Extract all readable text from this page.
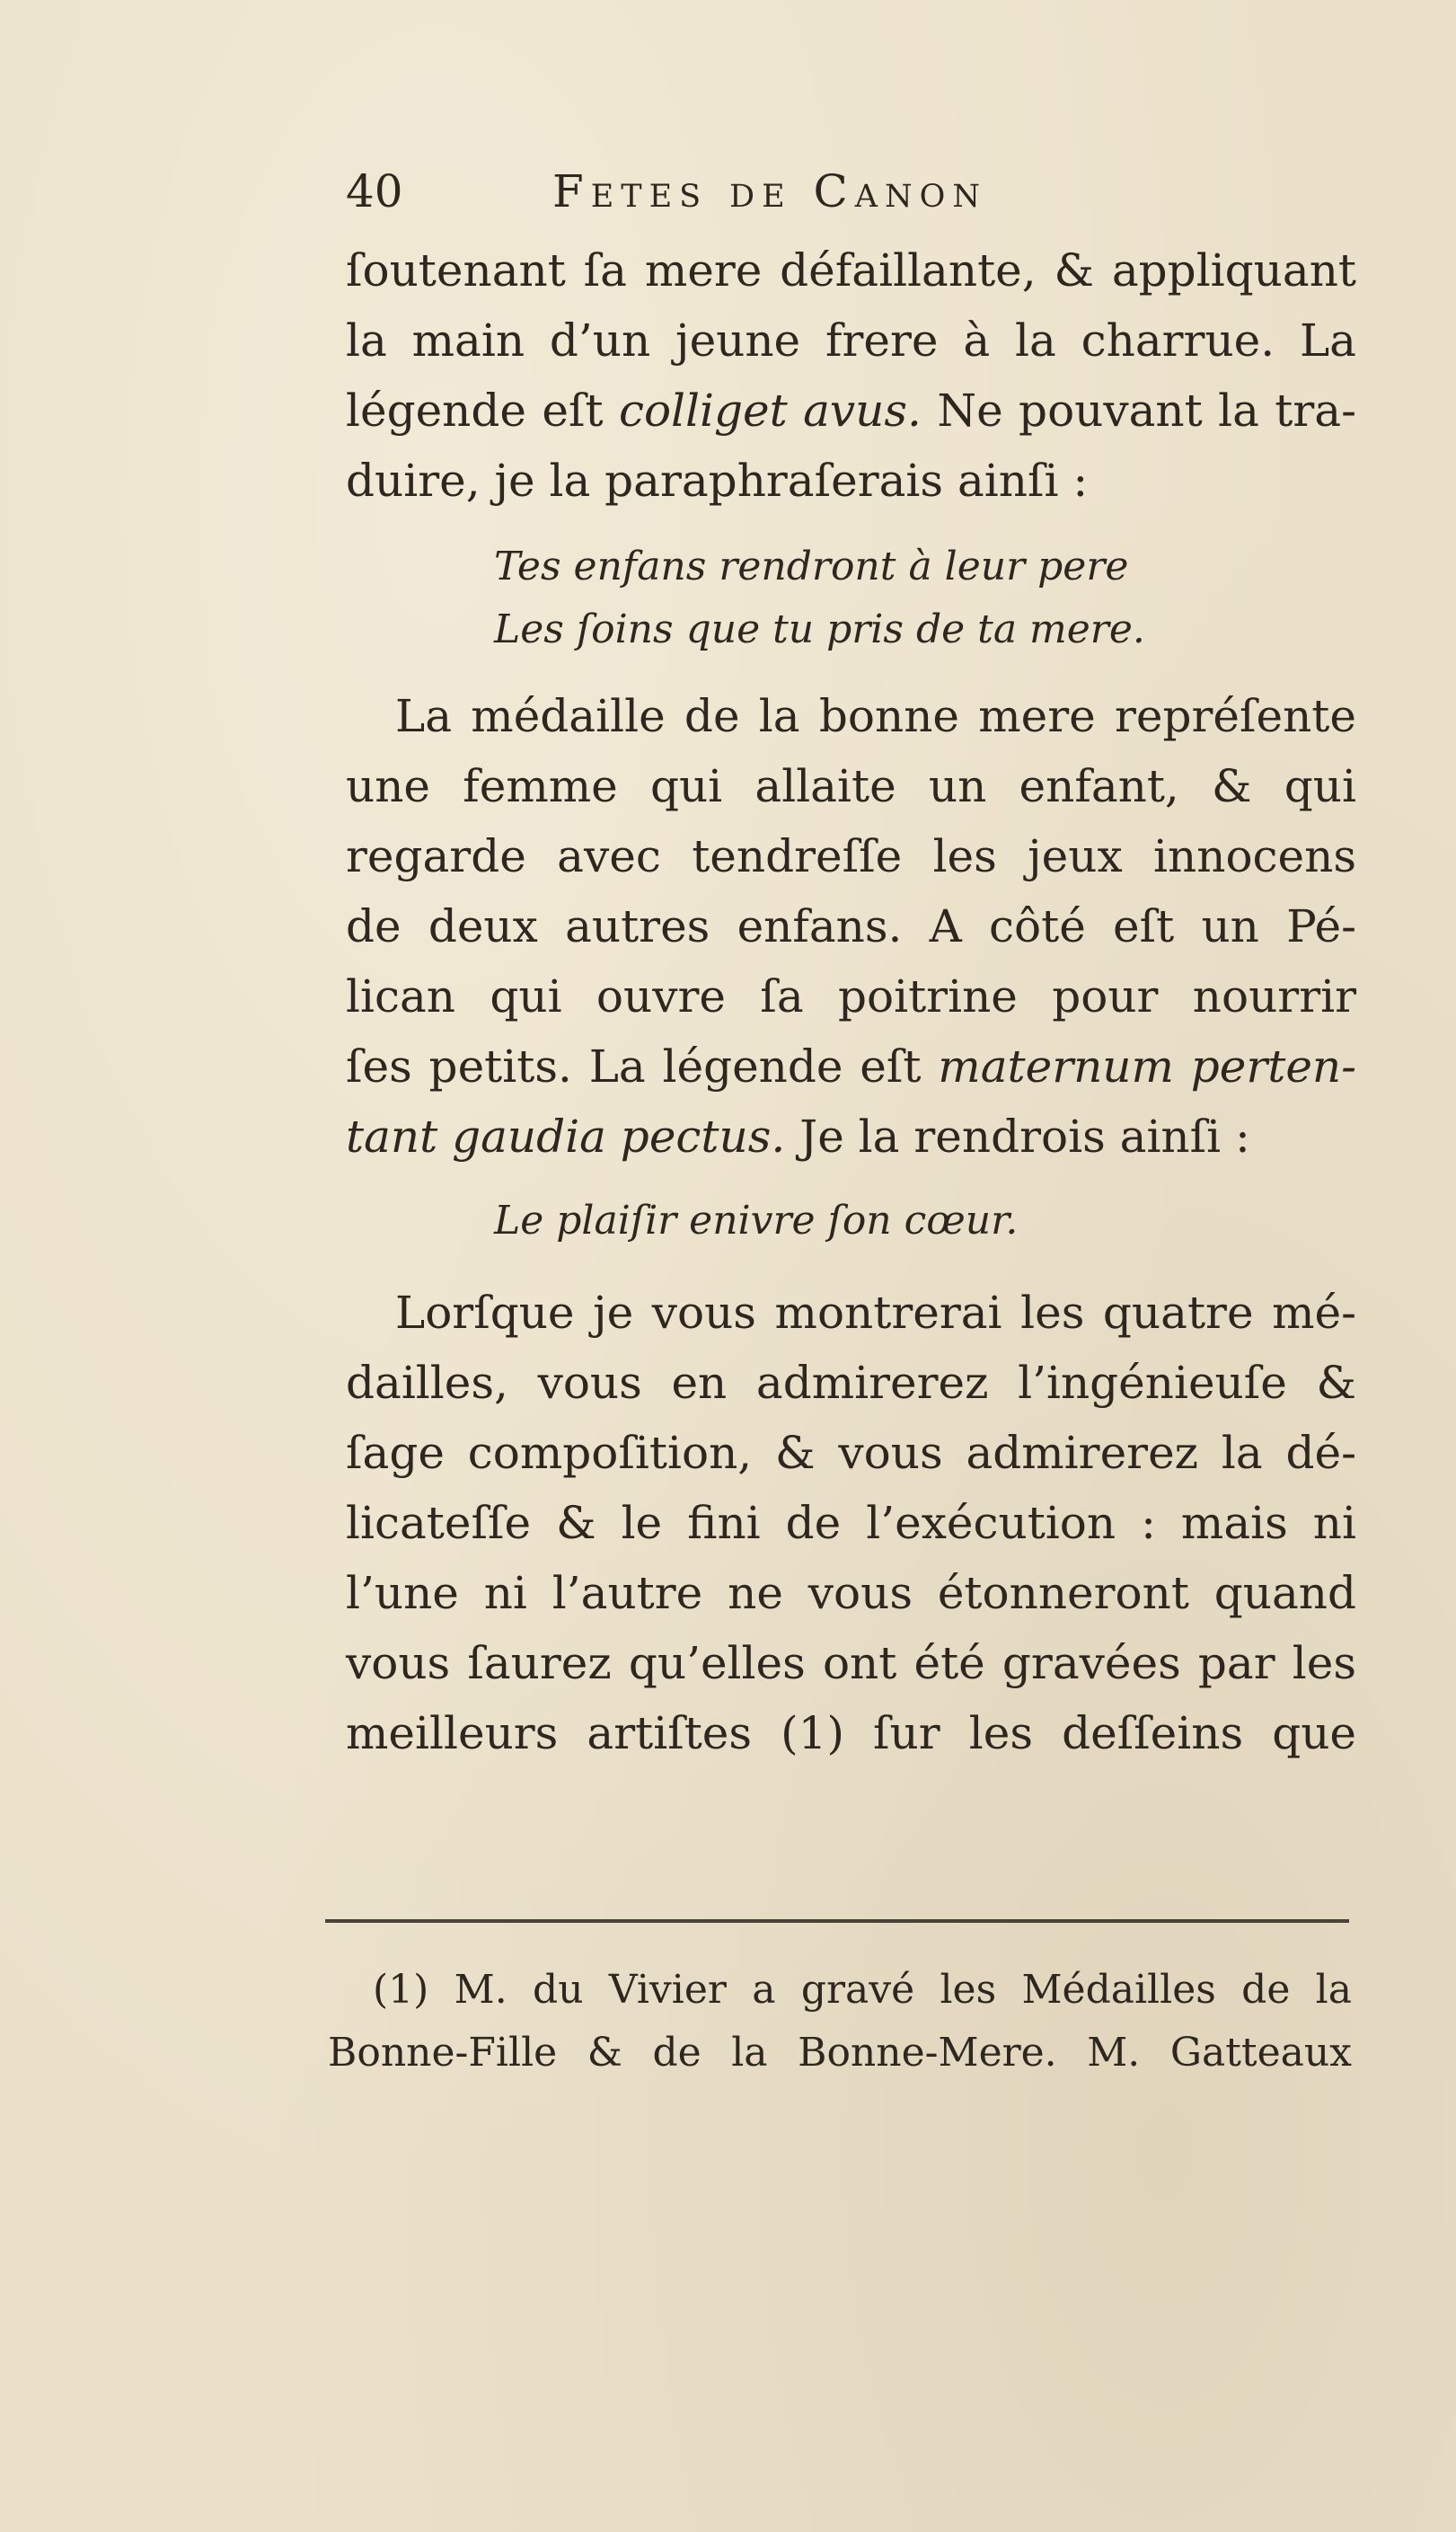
40	Fetes de Canon
ſoutenant ſa mere défaillante, & appliquant
la main d’un jeune frere à la charrue. La
légende eſt colliget avus. Ne pouvant la tra-
duire, je la paraphraſerais ainſi :
Tes enfans rendront à leur pere
Les ſoins que tu pris de ta mere.
La médaille de la bonne mere repréſente
une femme qui allaite un enfant, & qui
regarde avec tendreſſe les jeux innocens
de deux autres enfans. A côté eſt un Pé-
lican qui ouvre ſa poitrine pour nourrir
ſes petits. La légende eſt maternum perten-
tant gaudia pectus. Je la rendrois ainſi :
Le plaiſir enivre ſon cœur.
Lorſque je vous montrerai les quatre mé-
dailles, vous en admirerez l’ingénieuſe &
ſage compoſition, & vous admirerez la dé-
licateſſe & le fini de l’exécution : mais ni
l’une ni l’autre ne vous étonneront quand
vous ſaurez qu’elles ont été gravées par les
meilleurs artiſtes (1) ſur les deſſeins que
(1) M. du Vivier a gravé les Médailles de la
Bonne-Fille & de la Bonne-Mere. M. Gatteaux
